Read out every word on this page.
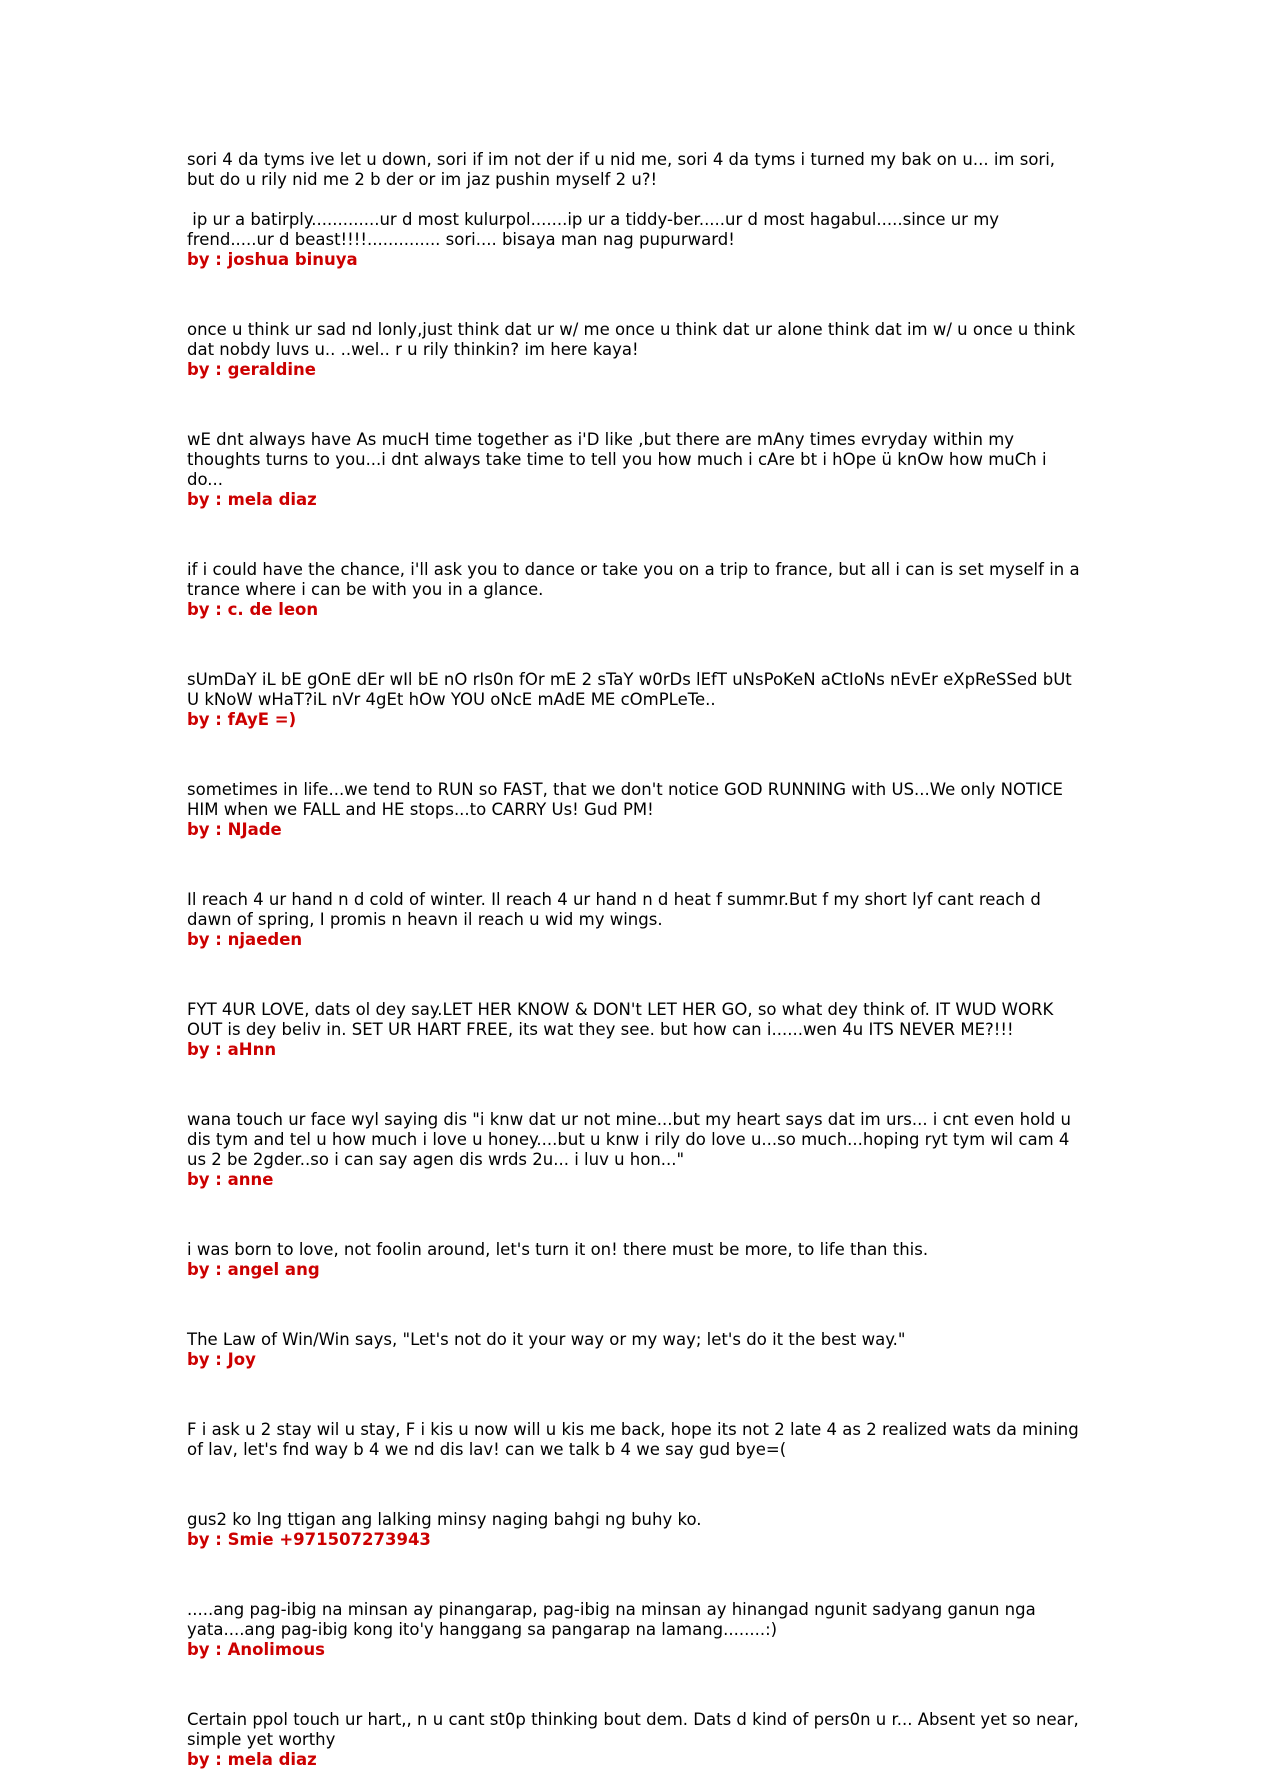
sori 4 da tyms ive let u down, sori if im not der if u nid me, sori 4 da tyms i turned my bak on u... im sori, but do u rily nid me 2 b der or im jaz pushin myself 2 u?!

ip ur a batirply.............ur d most kulurpol.......ip ur a tiddy-ber.....ur d most hagabul.....since ur my frend.....ur d beast!!!!.............. sori.... bisaya man nag pupurward!

by : joshua binuya

once u think ur sad nd lonly,just think dat ur w/ me once u think dat ur alone think dat im w/ u once u think dat nobdy luvs u.. ..wel.. r u rily thinkin? im here kaya!

by : geraldine

wE dnt always have As mucH time together as i'D like ,but there are mAny times evryday within my thoughts turns to you...i dnt always take time to tell you how much i cAre bt i hOpe ü knOw how muCh i do...

by : mela diaz

if i could have the chance, i'll ask you to dance or take you on a trip to france, but all i can is set myself in a trance where i can be with you in a glance.

by : c. de leon

sUmDaY iL bE gOnE dEr wIl bE nO rIs0n fOr mE 2 sTaY w0rDs lEfT uNsPoKeN aCtIoNs nEvEr eXpReSSed bUt U kNoW wHaT?iL nVr 4gEt hOw YOU oNcE mAdE ME cOmPLeTe..

by : fAyE =)

sometimes in life...we tend to RUN so FAST, that we don't notice GOD RUNNING with US...We only NOTICE HIM when we FALL and HE stops...to CARRY Us! Gud PM!

by : NJade

Il reach 4 ur hand n d cold of winter. Il reach 4 ur hand n d heat f summr.But f my short lyf cant reach d dawn of spring, I promis n heavn il reach u wid my wings.

by : njaeden

FYT 4UR LOVE, dats ol dey say.LET HER KNOW & DON't LET HER GO, so what dey think of. IT WUD WORK OUT is dey beliv in. SET UR HART FREE, its wat they see. but how can i......wen 4u ITS NEVER ME?!!!

by : aHnn

wana touch ur face wyl saying dis "i knw dat ur not mine...but my heart says dat im urs... i cnt even hold u dis tym and tel u how much i love u honey....but u knw i rily do love u...so much...hoping ryt tym wil cam 4 us 2 be 2gder..so i can say agen dis wrds 2u... i luv u hon..."

by : anne

i was born to love, not foolin around, let's turn it on! there must be more, to life than this.

by : angel ang

The Law of Win/Win says, "Let's not do it your way or my way; let's do it the best way."

by : Joy

F i ask u 2 stay wil u stay, F i kis u now will u kis me back, hope its not 2 late 4 as 2 realized wats da mining of lav, let's fnd way b 4 we nd dis lav! can we talk b 4 we say gud bye=(

gus2 ko lng ttigan ang lalking minsy naging bahgi ng buhy ko.

by : Smie +971507273943

.....ang pag-ibig na minsan ay pinangarap, pag-ibig na minsan ay hinangad ngunit sadyang ganun nga yata....ang pag-ibig kong ito'y hanggang sa pangarap na lamang........:)

by : Anolimous

Certain ppol touch ur hart,, n u cant st0p thinking bout dem. Dats d kind of pers0n u r... Absent yet so near, simple yet worthy

by : mela diaz
